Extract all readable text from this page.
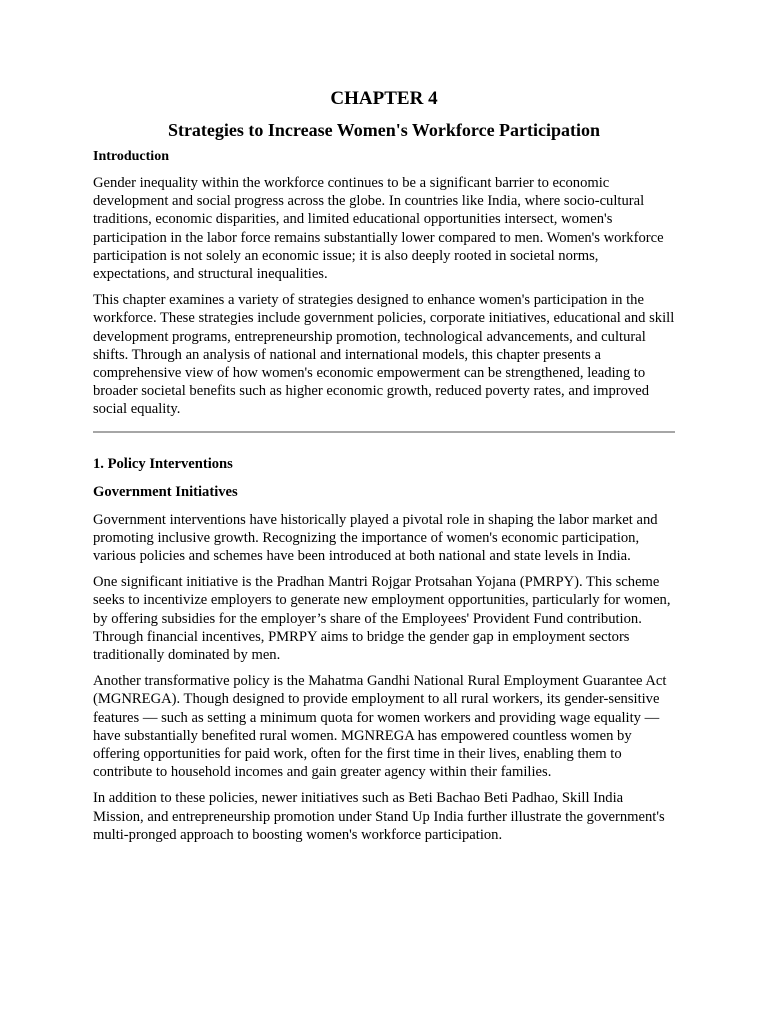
CHAPTER 4
Strategies to Increase Women's Workforce Participation
Introduction

Gender inequality within the workforce continues to be a significant barrier to economic development and social progress across the globe. In countries like India, where socio-cultural traditions, economic disparities, and limited educational opportunities intersect, women's participation in the labor force remains substantially lower compared to men. Women's workforce participation is not solely an economic issue; it is also deeply rooted in societal norms, expectations, and structural inequalities.

This chapter examines a variety of strategies designed to enhance women's participation in the workforce. These strategies include government policies, corporate initiatives, educational and skill development programs, entrepreneurship promotion, technological advancements, and cultural shifts. Through an analysis of national and international models, this chapter presents a comprehensive view of how women's economic empowerment can be strengthened, leading to broader societal benefits such as higher economic growth, reduced poverty rates, and improved social equality.

1. Policy Interventions
Government Initiatives

Government interventions have historically played a pivotal role in shaping the labor market and promoting inclusive growth. Recognizing the importance of women's economic participation, various policies and schemes have been introduced at both national and state levels in India.

One significant initiative is the Pradhan Mantri Rojgar Protsahan Yojana (PMRPY). This scheme seeks to incentivize employers to generate new employment opportunities, particularly for women, by offering subsidies for the employer’s share of the Employees' Provident Fund contribution. Through financial incentives, PMRPY aims to bridge the gender gap in employment sectors traditionally dominated by men.

Another transformative policy is the Mahatma Gandhi National Rural Employment Guarantee Act (MGNREGA). Though designed to provide employment to all rural workers, its gender-sensitive features — such as setting a minimum quota for women workers and providing wage equality — have substantially benefited rural women. MGNREGA has empowered countless women by offering opportunities for paid work, often for the first time in their lives, enabling them to contribute to household incomes and gain greater agency within their families.

In addition to these policies, newer initiatives such as Beti Bachao Beti Padhao, Skill India Mission, and entrepreneurship promotion under Stand Up India further illustrate the government's multi-pronged approach to boosting women's workforce participation.
